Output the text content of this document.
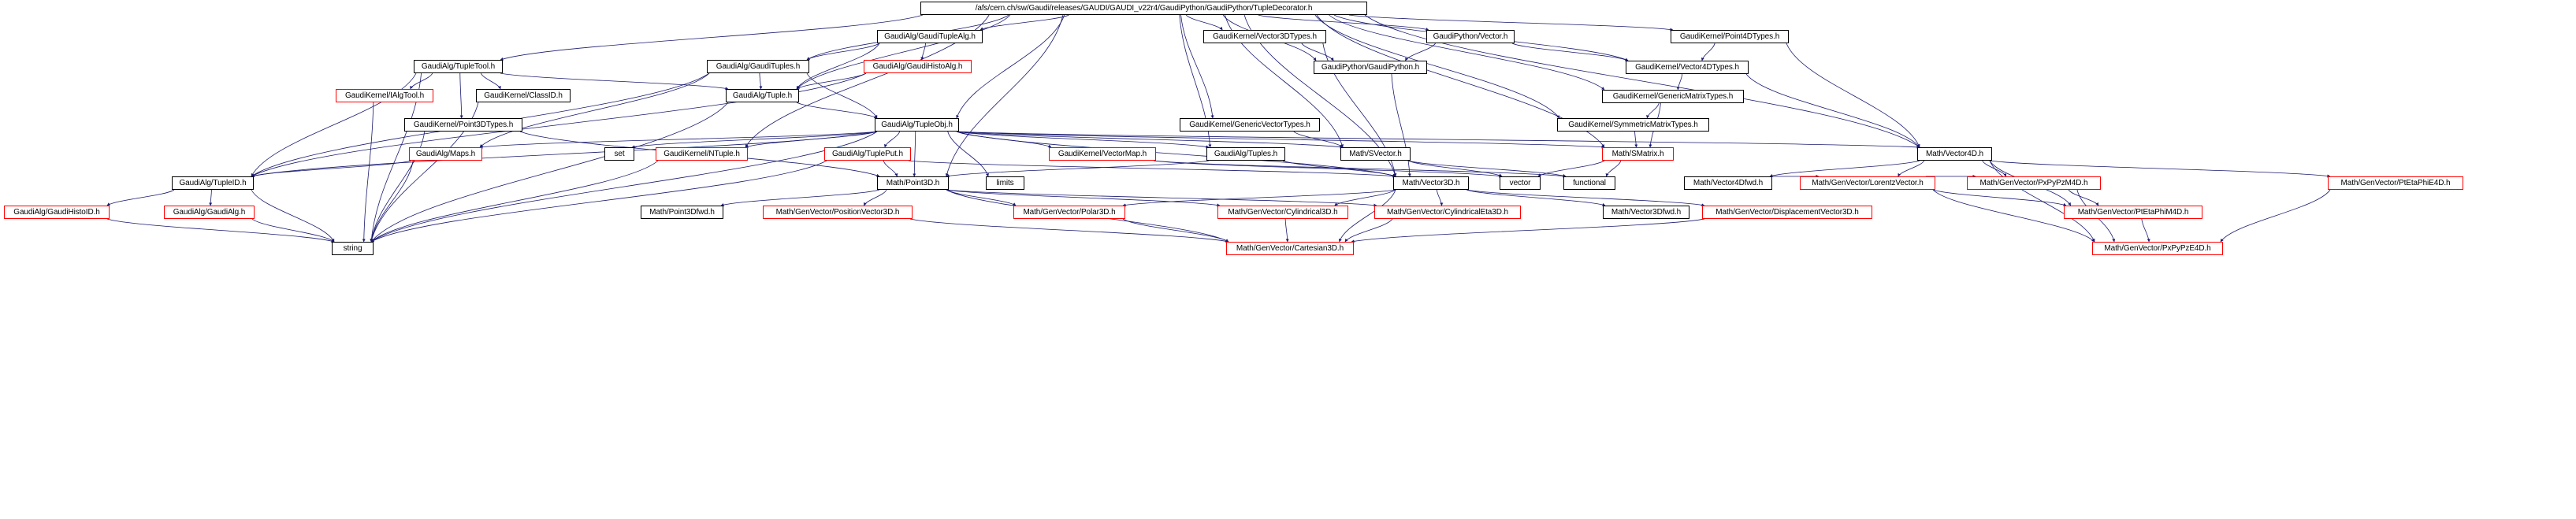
/afs/cern.ch/sw/Gaudi/releases/GAUDI/GAUDI_v22r4/GaudiPython/GaudiPython/TupleDecorator.h
GaudiAlg/GaudiTupleAlg.h	GaudiKernel/Vector3DTypes.h	GaudiPython/Vector.h	GaudiKernel/Point4DTypes.h
GaudiAlg/TupleTool.h	GaudiAlg/GaudiTuples.h	GaudiAlg/GaudiHistoAlg.h	GaudiPython/GaudiPython.h	GaudiKernel/Vector4DTypes.h
GaudiKernel/IAlgTool.h	GaudiKernel/ClassID.h	GaudiAlg/Tuple.h	GaudiKernel/GenericMatrixTypes.h
GaudiKernel/Point3DTypes.h	GaudiAlg/TupleObj.h	GaudiKernel/GenericVectorTypes.h	GaudiKernel/SymmetricMatrixTypes.h
GaudiAlg/Maps.h	set	GaudiKernel/NTuple.h	GaudiAlg/TuplePut.h	GaudiKernel/VectorMap.h	GaudiAlg/Tuples.h	Math/SVector.h	Math/SMatrix.h	Math/Vector4D.h
GaudiAlg/TupleID.h	Math/Point3D.h	limits	Math/Vector3D.h	vector	functional	Math/Vector4Dfwd.h	Math/GenVector/LorentzVector.h	Math/GenVector/PxPyPzM4D.h	Math/GenVector/PtEtaPhiE4D.h
GaudiAlg/GaudiHistoID.h	GaudiAlg/GaudiAlg.h	Math/Point3Dfwd.h	Math/GenVector/PositionVector3D.h	Math/GenVector/Polar3D.h	Math/GenVector/Cylindrical3D.h	Math/GenVector/CylindricalEta3D.h	Math/Vector3Dfwd.h	Math/GenVector/DisplacementVector3D.h	Math/GenVector/PtEtaPhiM4D.h
string	Math/GenVector/Cartesian3D.h	Math/GenVector/PxPyPzE4D.h
